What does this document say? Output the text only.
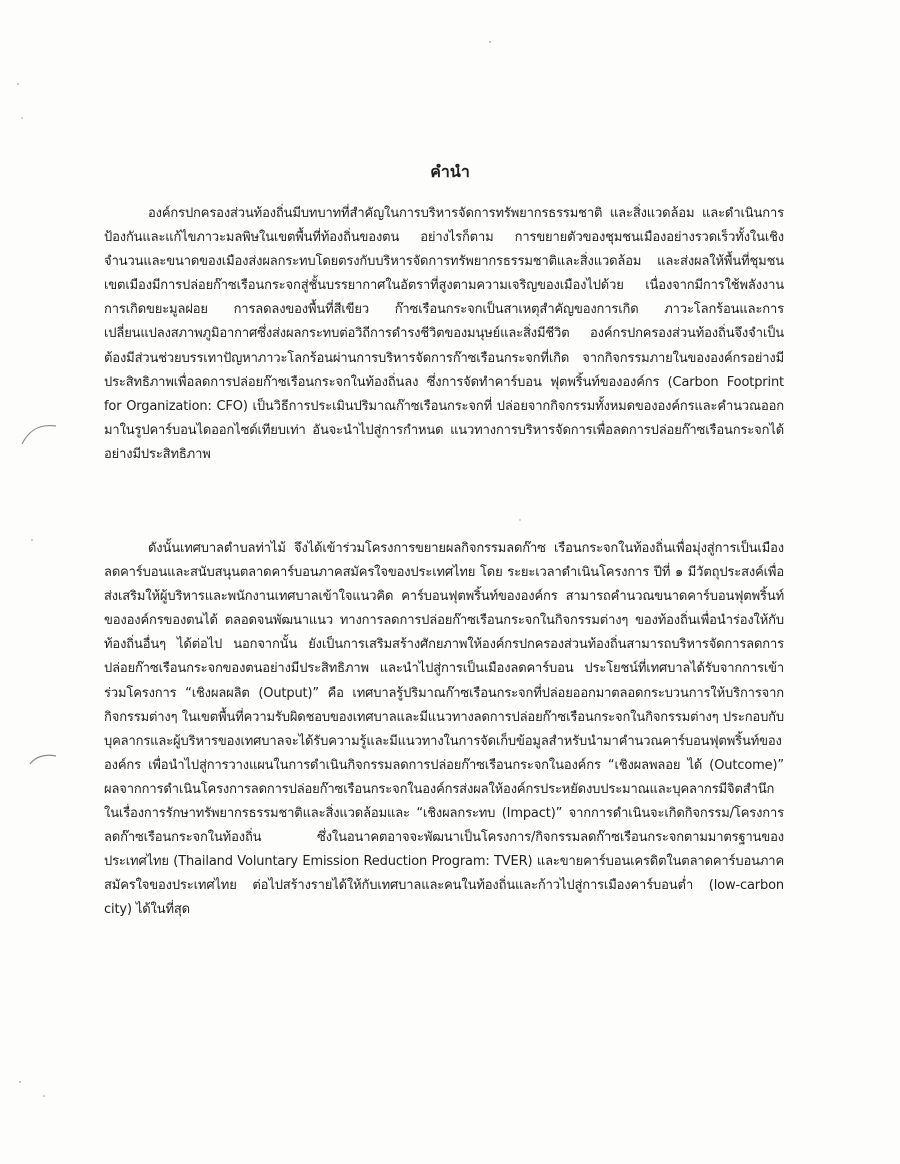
คำนำ

องค์กรปกครองส่วนท้องถิ่นมีบทบาทที่สำคัญในการบริหารจัดการทรัพยากรธรรมชาติ และสิ่งแวดล้อม และดำเนินการป้องกันและแก้ไขภาวะมลพิษในเขตพื้นที่ท้องถิ่นของตน อย่างไรก็ตาม การขยายตัวของชุมชนเมืองอย่างรวดเร็วทั้งในเชิงจำนวนและขนาดของเมืองส่งผลกระทบโดยตรงกับบริหารจัดการทรัพยากรธรรมชาติและสิ่งแวดล้อม และส่งผลให้พื้นที่ชุมชนเขตเมืองมีการปล่อยก๊าซเรือนกระจกสู่ชั้นบรรยากาศในอัตราที่สูงตามความเจริญของเมืองไปด้วย เนื่องจากมีการใช้พลังงาน การเกิดขยะมูลฝอย การลดลงของพื้นที่สีเขียว ก๊าซเรือนกระจกเป็นสาเหตุสำคัญของการเกิด ภาวะโลกร้อนและการเปลี่ยนแปลงสภาพภูมิอากาศซึ่งส่งผลกระทบต่อวิถีการดำรงชีวิตของมนุษย์และสิ่งมีชีวิต องค์กรปกครองส่วนท้องถิ่นจึงจำเป็นต้องมีส่วนช่วยบรรเทาปัญหาภาวะโลกร้อนผ่านการบริหารจัดการก๊าซเรือนกระจกที่เกิด จากกิจกรรมภายในขององค์กรอย่างมีประสิทธิภาพเพื่อลดการปล่อยก๊าซเรือนกระจกในท้องถิ่นลง ซึ่งการจัดทำคาร์บอน ฟุตพริ้นท์ขององค์กร (Carbon Footprint for Organization: CFO) เป็นวิธีการประเมินปริมาณก๊าซเรือนกระจกที่ ปล่อยจากกิจกรรมทั้งหมดขององค์กรและคำนวณออกมาในรูปคาร์บอนไดออกไซด์เทียบเท่า อันจะนำไปสู่การกำหนด แนวทางการบริหารจัดการเพื่อลดการปล่อยก๊าซเรือนกระจกได้อย่างมีประสิทธิภาพ

ดังนั้นเทศบาลตำบลท่าไม้ จึงได้เข้าร่วมโครงการขยายผลกิจกรรมลดก๊าซ เรือนกระจกในท้องถิ่นเพื่อมุ่งสู่การเป็นเมืองลดคาร์บอนและสนับสนุนตลาดคาร์บอนภาคสมัครใจของประเทศไทย โดย ระยะเวลาดำเนินโครงการ ปีที่ ๑ มีวัตถุประสงค์เพื่อส่งเสริมให้ผู้บริหารและพนักงานเทศบาลเข้าใจแนวคิด คาร์บอนฟุตพริ้นท์ขององค์กร สามารถคำนวณขนาดคาร์บอนฟุตพริ้นท์ขององค์กรของตนได้ ตลอดจนพัฒนาแนว ทางการลดการปล่อยก๊าซเรือนกระจกในกิจกรรมต่างๆ ของท้องถิ่นเพื่อนำร่องให้กับท้องถิ่นอื่นๆ ได้ต่อไป นอกจากนั้น ยังเป็นการเสริมสร้างศักยภาพให้องค์กรปกครองส่วนท้องถิ่นสามารถบริหารจัดการลดการปล่อยก๊าซเรือนกระจกของตนอย่างมีประสิทธิภาพ และนำไปสู่การเป็นเมืองลดคาร์บอน ประโยชน์ที่เทศบาลได้รับจากการเข้าร่วมโครงการ “เชิงผลผลิต (Output)” คือ เทศบาลรู้ปริมาณก๊าซเรือนกระจกที่ปล่อยออกมาตลอดกระบวนการให้บริการจากกิจกรรมต่างๆ ในเขตพื้นที่ความรับผิดชอบของเทศบาลและมีแนวทางลดการปล่อยก๊าซเรือนกระจกในกิจกรรมต่างๆ ประกอบกับบุคลากรและผู้บริหารของเทศบาลจะได้รับความรู้และมีแนวทางในการจัดเก็บข้อมูลสำหรับนำมาคำนวณคาร์บอนฟุตพริ้นท์ขององค์กร เพื่อนำไปสู่การวางแผนในการดำเนินกิจกรรมลดการปล่อยก๊าซเรือนกระจกในองค์กร “เชิงผลพลอย ได้ (Outcome)” ผลจากการดำเนินโครงการลดการปล่อยก๊าซเรือนกระจกในองค์กรส่งผลให้องค์กรประหยัดงบประมาณและบุคลากรมีจิตสำนึกในเรื่องการรักษาทรัพยากรธรรมชาติและสิ่งแวดล้อมและ “เชิงผลกระทบ (Impact)” จากการดำเนินจะเกิดกิจกรรม/โครงการลดก๊าซเรือนกระจกในท้องถิ่น ซึ่งในอนาคตอาจจะพัฒนาเป็นโครงการ/กิจกรรมลดก๊าซเรือนกระจกตามมาตรฐานของประเทศไทย (Thailand Voluntary Emission Reduction Program: TVER) และขายคาร์บอนเครดิตในตลาดคาร์บอนภาคสมัครใจของประเทศไทย ต่อไปสร้างรายได้ให้กับเทศบาลและคนในท้องถิ่นและก้าวไปสู่การเมืองคาร์บอนต่ำ (low-carbon city) ได้ในที่สุด
